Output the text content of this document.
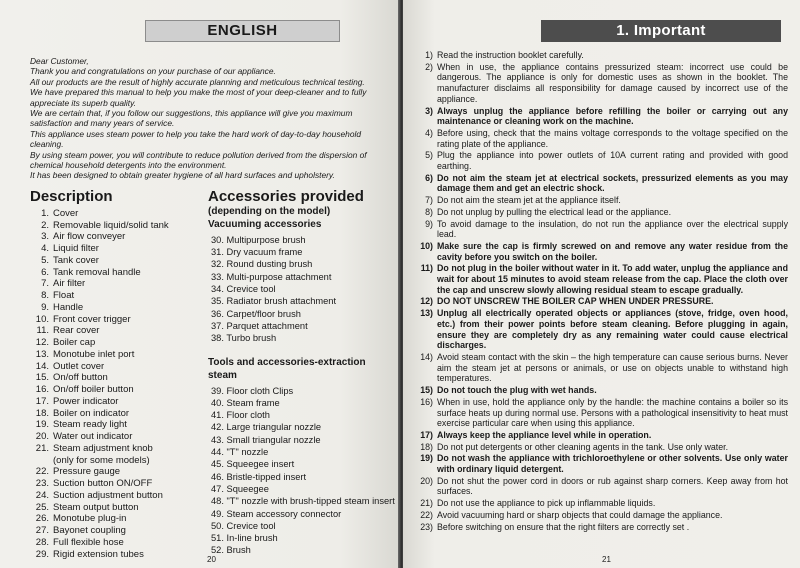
ENGLISH

Dear Customer,

Thank you and congratulations on your purchase of our appliance.

All our products are the result of highly accurate planning and meticulous technical testing.

We have prepared this manual to help you make the most of your deep-cleaner and to fully appreciate its superb quality.

We are certain that, if you follow our suggestions, this appliance will give you maximum satisfaction and many years of service.

This appliance uses steam power to help you take the hard work of day-to-day household cleaning.

By using steam power, you will contribute to reduce pollution derived from the dispersion of chemical household detergents into the environment.

It has been designed to obtain greater hygiene of all hard surfaces and upholstery.

Description
1. Cover
2. Removable liquid/solid tank
3. Air flow conveyer
4. Liquid filter
5. Tank cover
6. Tank removal handle
7. Air filter
8. Float
9. Handle
10. Front cover trigger
11. Rear cover
12. Boiler cap
13. Monotube inlet port
14. Outlet cover
15. On/off button
16. On/off boiler button
17. Power indicator
18. Boiler on indicator
19. Steam ready light
20. Water out indicator
21. Steam adjustment knob
(only for some models)
22. Pressure gauge
23. Suction button ON/OFF
24. Suction adjustment button
25. Steam output button
26. Monotube plug-in
27. Bayonet coupling
28. Full flexible hose
29. Rigid extension tubes
Accessories provided
(depending on the model)
Vacuuming accessories
30. Multipurpose brush
31. Dry vacuum frame
32. Round dusting brush
33. Multi-purpose attachment
34. Crevice tool
35. Radiator brush attachment
36. Carpet/floor brush
37. Parquet attachment
38. Turbo brush
Tools and accessories-extraction
steam
39. Floor cloth Clips
40. Steam frame
41. Floor cloth
42. Large triangular nozzle
43. Small triangular nozzle
44. "T" nozzle
45. Squeegee insert
46. Bristle-tipped insert
47. Squeegee
48. "T" nozzle with brush-tipped steam insert
49. Steam accessory connector
50. Crevice tool
51. In-line brush
52. Brush
20
1. Important
1) Read the instruction booklet carefully.
2) When in use, the appliance contains pressurized steam: incorrect use could be dangerous. The appliance is only for domestic uses as shown in the booklet. The manufacturer disclaims all responsibility for damage caused by incorrect use of the appliance.
3) Always unplug the appliance before refilling the boiler or carrying out any maintenance or cleaning work on the machine.
4) Before using, check that the mains voltage corresponds to the voltage specified on the rating plate of the appliance.
5) Plug the appliance into power outlets of 10A current rating and provided with good earthing.
6) Do not aim the steam jet at electrical sockets, pressurized elements as you may damage them and get an electric shock.
7) Do not aim the steam jet at the appliance itself.
8) Do not unplug by pulling the electrical lead or the appliance.
9) To avoid damage to the insulation, do not run the appliance over the electrical supply lead.
10) Make sure the cap is firmly screwed on and remove any water residue from the cavity before you switch on the boiler.
11) Do not plug in the boiler without water in it. To add water, unplug the appliance and wait for about 15 minutes to avoid steam release from the cap. Place the cloth over the cap and unscrew slowly allowing residual steam to escape gradually.
12) DO NOT UNSCREW THE BOILER CAP WHEN UNDER PRESSURE.
13) Unplug all electrically operated objects or appliances (stove, fridge, oven hood, etc.) from their power points before steam cleaning. Before plugging in again, ensure they are completely dry as any remaining water could cause electrical discharges.
14) Avoid steam contact with the skin – the high temperature can cause serious burns. Never aim the steam jet at persons or animals, or use on objects unable to withstand high temperatures.
15) Do not touch the plug with wet hands.
16) When in use, hold the appliance only by the handle: the machine contains a boiler so its surface heats up during normal use. Persons with a pathological insensitivity to heat must exercise particular care when using this appliance.
17) Always keep the appliance level while in operation.
18) Do not put detergents or other cleaning agents in the tank. Use only water.
19) Do not wash the appliance with trichloroethylene or other solvents. Use only water with ordinary liquid detergent.
20) Do not shut the power cord in doors or rub against sharp corners. Keep away from hot surfaces.
21) Do not use the appliance to pick up inflammable liquids.
22) Avoid vacuuming hard or sharp objects that could damage the appliance.
23) Before switching on ensure that the right filters are correctly set .
21
